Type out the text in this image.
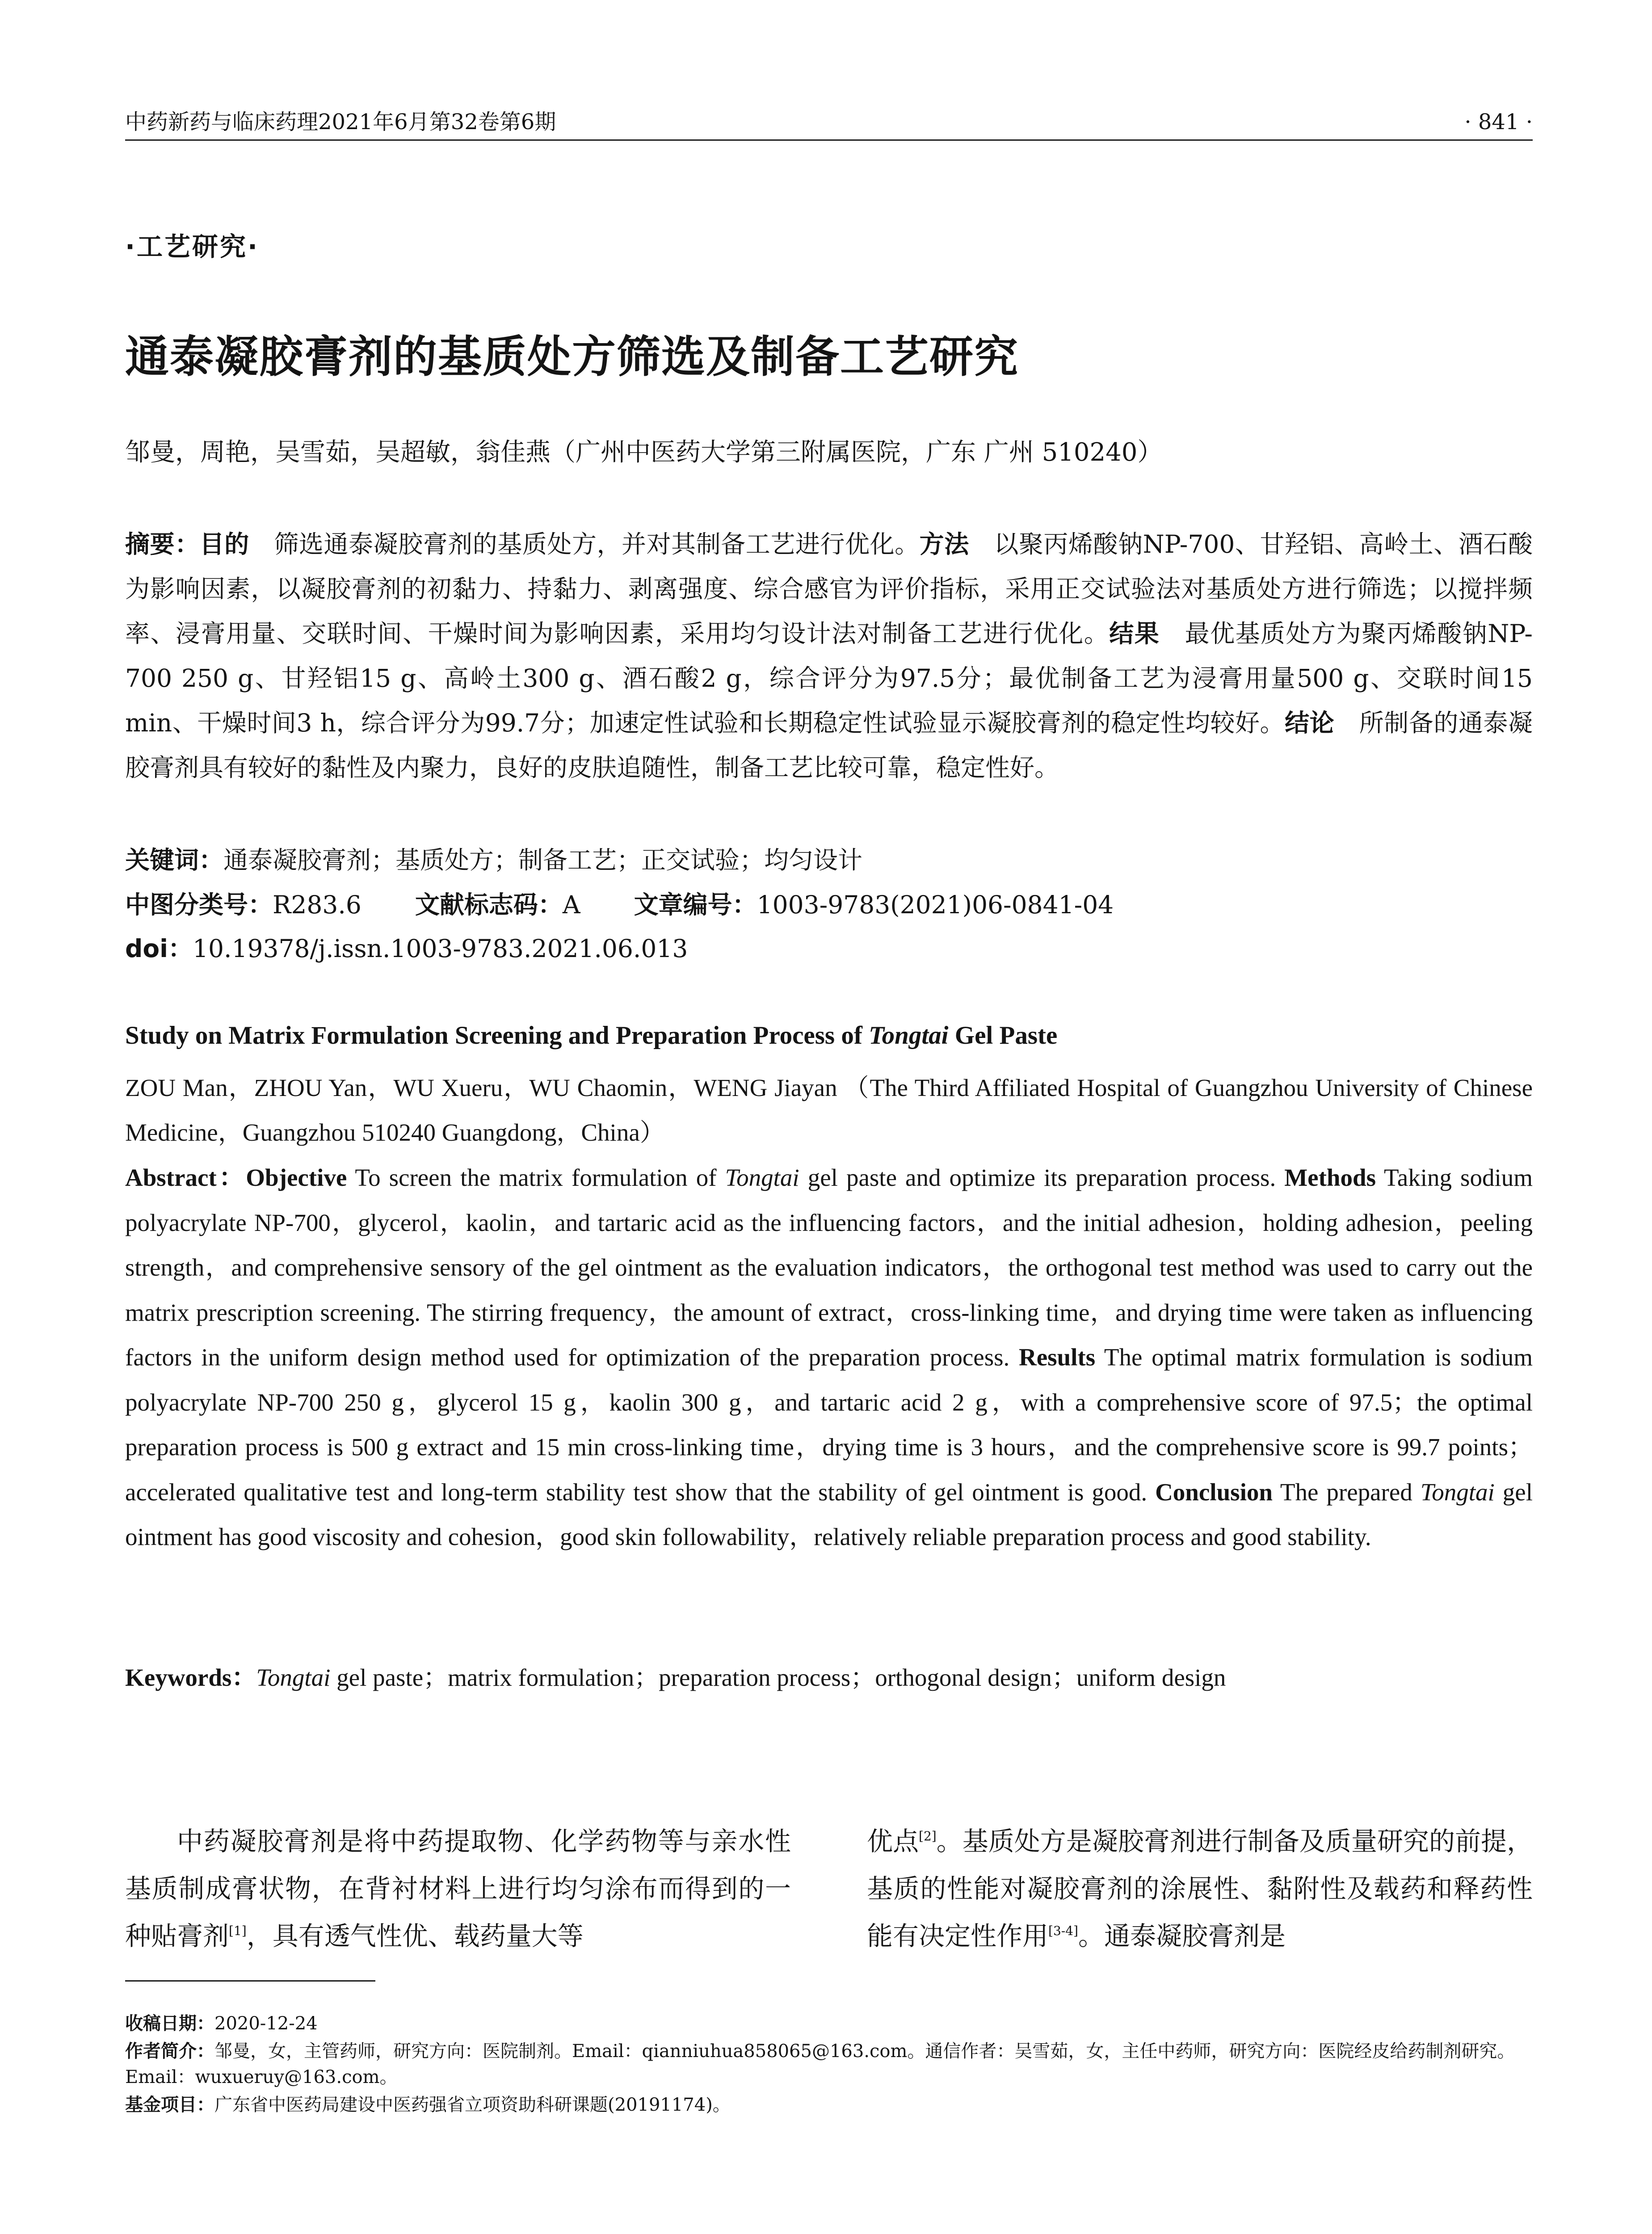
中药新药与临床药理2021年6月第32卷第6期	· 841 ·
·工艺研究·
通泰凝胶膏剂的基质处方筛选及制备工艺研究
邹曼，周艳，吴雪茹，吴超敏，翁佳燕（广州中医药大学第三附属医院，广东 广州 510240）
摘要：目的  筛选通泰凝胶膏剂的基质处方，并对其制备工艺进行优化。方法  以聚丙烯酸钠NP-700、甘羟铝、高岭土、酒石酸为影响因素，以凝胶膏剂的初黏力、持黏力、剥离强度、综合感官为评价指标，采用正交试验法对基质处方进行筛选；以搅拌频率、浸膏用量、交联时间、干燥时间为影响因素，采用均匀设计法对制备工艺进行优化。结果  最优基质处方为聚丙烯酸钠NP-700 250 g、甘羟铝15 g、高岭土300 g、酒石酸2 g，综合评分为97.5分；最优制备工艺为浸膏用量500 g、交联时间15 min、干燥时间3 h，综合评分为99.7分；加速定性试验和长期稳定性试验显示凝胶膏剂的稳定性均较好。结论  所制备的通泰凝胶膏剂具有较好的黏性及内聚力，良好的皮肤追随性，制备工艺比较可靠，稳定性好。
关键词：通泰凝胶膏剂；基质处方；制备工艺；正交试验；均匀设计
中图分类号：R283.6 文献标志码：A 文章编号：1003-9783(2021)06-0841-04
doi：10.19378/j.issn.1003-9783.2021.06.013
Study on Matrix Formulation Screening and Preparation Process of Tongtai Gel Paste
ZOU Man，ZHOU Yan，WU Xueru，WU Chaomin，WENG Jiayan （The Third Affiliated Hospital of Guangzhou University of Chinese Medicine，Guangzhou 510240 Guangdong，China）
Abstract：Objective To screen the matrix formulation of Tongtai gel paste and optimize its preparation process. Methods Taking sodium polyacrylate NP-700，glycerol，kaolin，and tartaric acid as the influencing factors，and the initial adhesion，holding adhesion，peeling strength，and comprehensive sensory of the gel ointment as the evaluation indicators，the orthogonal test method was used to carry out the matrix prescription screening. The stirring frequency，the amount of extract，cross-linking time，and drying time were taken as influencing factors in the uniform design method used for optimization of the preparation process. Results The optimal matrix formulation is sodium polyacrylate NP-700 250 g，glycerol 15 g，kaolin 300 g，and tartaric acid 2 g，with a comprehensive score of 97.5；the optimal preparation process is 500 g extract and 15 min cross-linking time，drying time is 3 hours，and the comprehensive score is 99.7 points；accelerated qualitative test and long-term stability test show that the stability of gel ointment is good. Conclusion The prepared Tongtai gel ointment has good viscosity and cohesion，good skin followability，relatively reliable preparation process and good stability.
Keywords：Tongtai gel paste；matrix formulation；preparation process；orthogonal design；uniform design
中药凝胶膏剂是将中药提取物、化学药物等与亲水性基质制成膏状物，在背衬材料上进行均匀涂布而得到的一种贴膏剂[1]，具有透气性优、载药量大等
优点[2]。基质处方是凝胶膏剂进行制备及质量研究的前提，基质的性能对凝胶膏剂的涂展性、黏附性及载药和释药性能有决定性作用[3-4]。通泰凝胶膏剂是

收稿日期：2020-12-24

作者简介：邹曼，女，主管药师，研究方向：医院制剂。Email：qianniuhua858065@163.com。通信作者：吴雪茹，女，主任中药师，研究方向：医院经皮给药制剂研究。Email：wuxueruy@163.com。

基金项目：广东省中医药局建设中医药强省立项资助科研课题(20191174)。
